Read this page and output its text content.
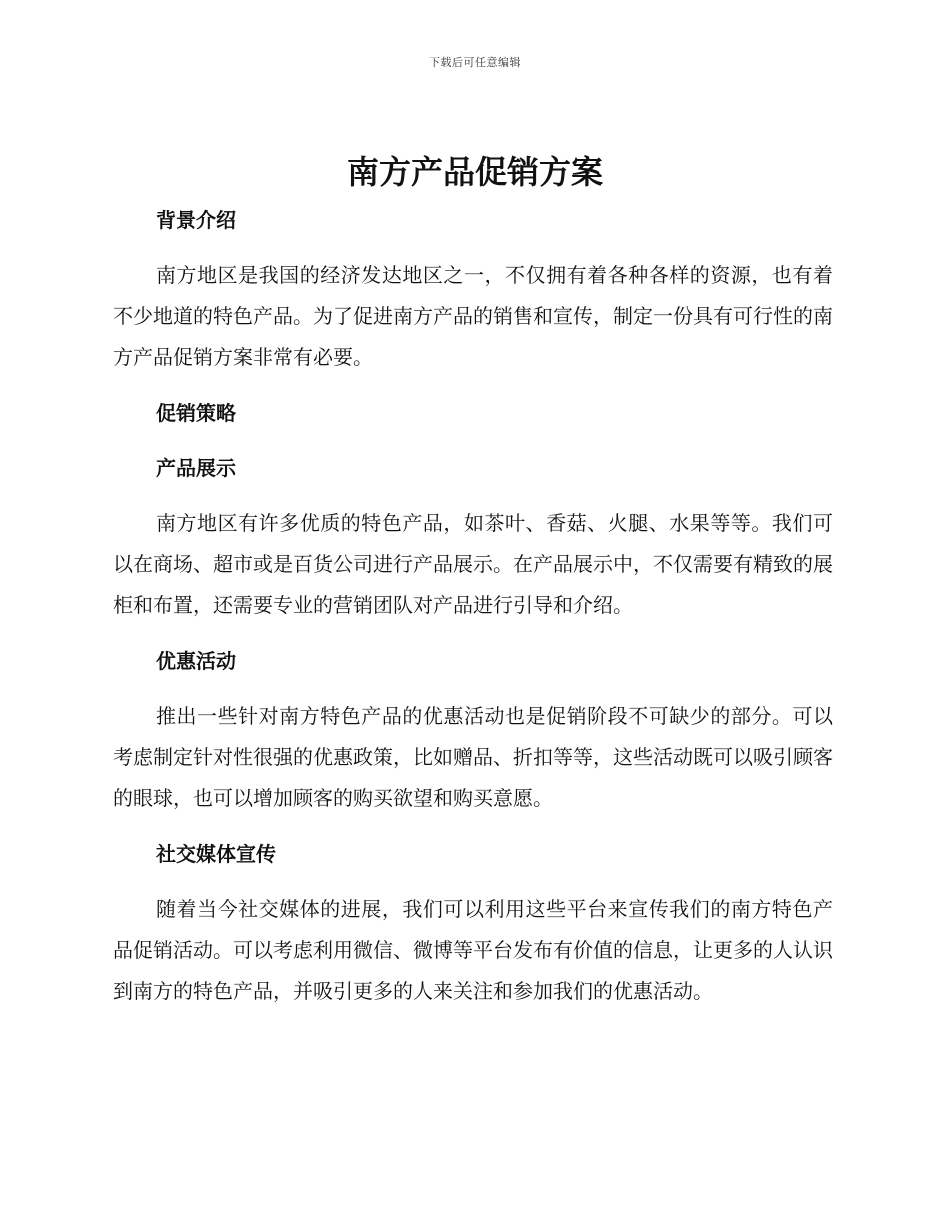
下载后可任意编辑
南方产品促销方案
背景介绍

南方地区是我国的经济发达地区之一，不仅拥有着各种各样的资源，也有着不少地道的特色产品。为了促进南方产品的销售和宣传，制定一份具有可行性的南方产品促销方案非常有必要。

促销策略
产品展示

南方地区有许多优质的特色产品，如茶叶、香菇、火腿、水果等等。我们可以在商场、超市或是百货公司进行产品展示。在产品展示中，不仅需要有精致的展柜和布置，还需要专业的营销团队对产品进行引导和介绍。

优惠活动

推出一些针对南方特色产品的优惠活动也是促销阶段不可缺少的部分。可以考虑制定针对性很强的优惠政策，比如赠品、折扣等等，这些活动既可以吸引顾客的眼球，也可以增加顾客的购买欲望和购买意愿。

社交媒体宣传

随着当今社交媒体的进展，我们可以利用这些平台来宣传我们的南方特色产品促销活动。可以考虑利用微信、微博等平台发布有价值的信息，让更多的人认识到南方的特色产品，并吸引更多的人来关注和参加我们的优惠活动。
